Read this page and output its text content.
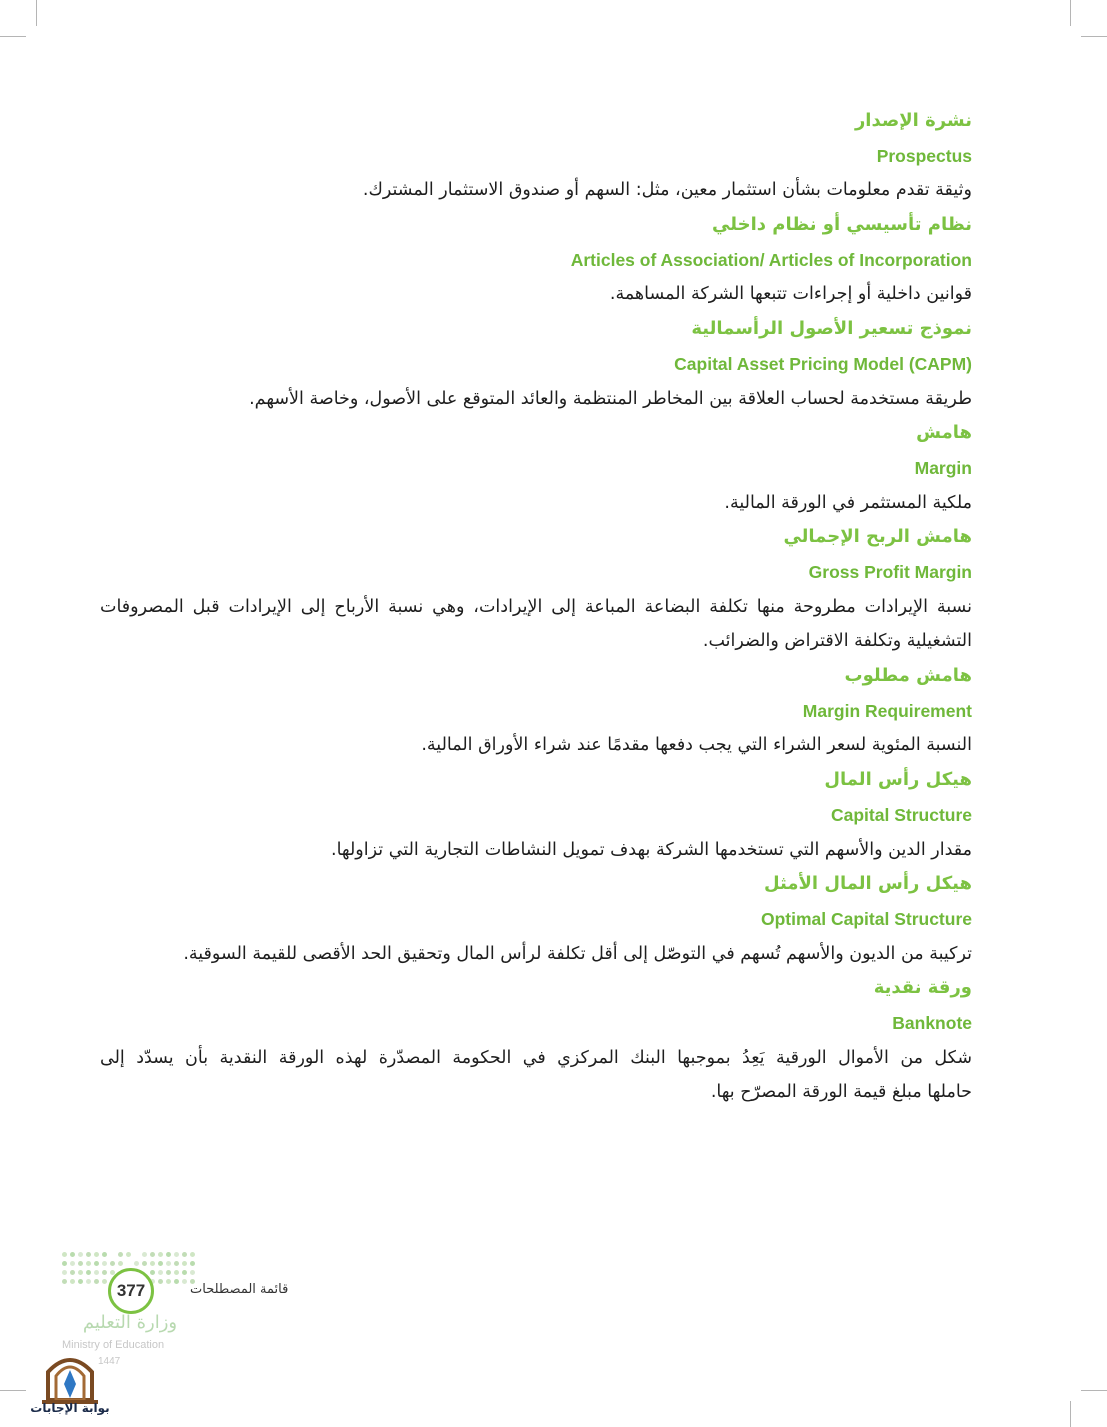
نشرة الإصدار

Prospectus

وثيقة تقدم معلومات بشأن استثمار معين، مثل: السهم أو صندوق الاستثمار المشترك.

نظام تأسيسي أو نظام داخلي

Articles of Association/ Articles of Incorporation

قوانين داخلية أو إجراءات تتبعها الشركة المساهمة.

نموذج تسعير الأصول الرأسمالية

Capital Asset Pricing Model (CAPM)

طريقة مستخدمة لحساب العلاقة بين المخاطر المنتظمة والعائد المتوقع على الأصول، وخاصة الأسهم.

هامش

Margin

ملكية المستثمر في الورقة المالية.

هامش الربح الإجمالي

Gross Profit Margin

نسبة الإيرادات مطروحة منها تكلفة البضاعة المباعة إلى الإيرادات، وهي نسبة الأرباح إلى الإيرادات قبل المصروفات

التشغيلية وتكلفة الاقتراض والضرائب.

هامش مطلوب

Margin Requirement

النسبة المئوية لسعر الشراء التي يجب دفعها مقدمًا عند شراء الأوراق المالية.

هيكل رأس المال

Capital Structure

مقدار الدين والأسهم التي تستخدمها الشركة بهدف تمويل النشاطات التجارية التي تزاولها.

هيكل رأس المال الأمثل

Optimal Capital Structure

تركيبة من الديون والأسهم تُسهم في التوصّل إلى أقل تكلفة لرأس المال وتحقيق الحد الأقصى للقيمة السوقية.

ورقة نقدية

Banknote

شكل من الأموال الورقية يَعِدُ بموجبها البنك المركزي في الحكومة المصدّرة لهذه الورقة النقدية بأن يسدّد إلى

حاملها مبلغ قيمة الورقة المصرّح بها.

377	قائمة المصطلحات
وزارة التعليم
Ministry of Education
1447
بوابة الإجابات
